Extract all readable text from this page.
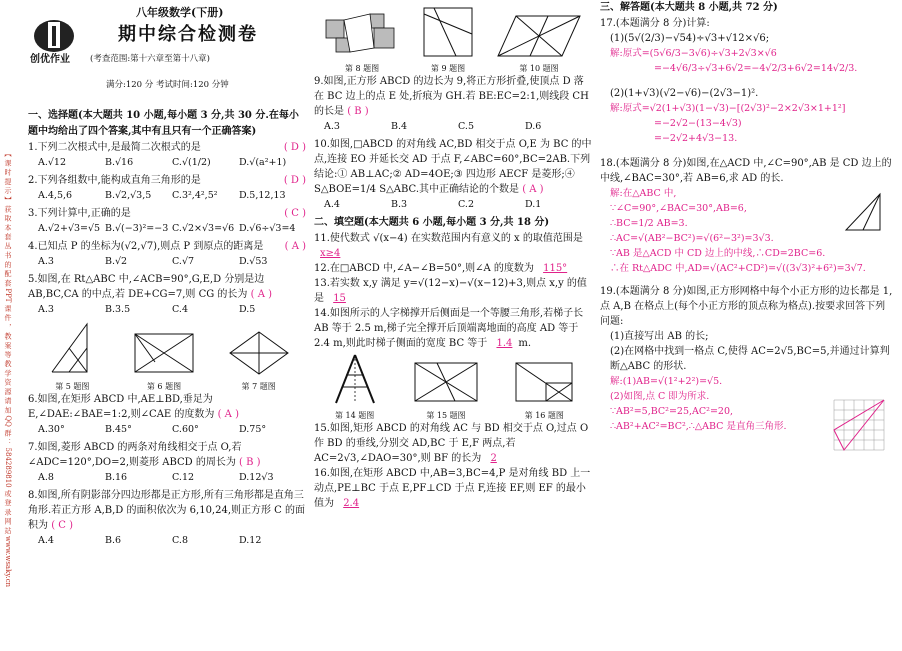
【 课 时 提 示 】 获 取 本 套 丛 书 的 配 套 PPT 课 件 ， 教 案 等 教 学 资 源 请 加 QQ 群 ： 584289810 或 登 录 网 站 www.wsaky.cn
创优作业
八年级数学(下册)
期中综合检测卷
(考查范围:第十六章至第十八章)
满分:120 分 考试时间:120 分钟

一、选择题(本大题共 10 小题,每小题 3 分,共 30 分.在每小题中均给出了四个答案,其中有且只有一个正确答案)

1.下列二次根式中,是最简二次根式的是	( D )
A.√12	B.√16	C.√(1/2)	D.√(a²+1)
2.下列各组数中,能构成直角三角形的是	( D )
A.4,5,6	B.√2,√3,5	C.3²,4²,5²	D.5,12,13
3.下列计算中,正确的是	( C )
A.√2+√3=√5 B.√(−3)²=−3 C.√2×√3=√6 D.√6÷√3=4
4.已知点 P 的坐标为(√2,√7),则点 P 到原点的距离是 ( A )
A.3	B.√2	C.√7	D.√53

5.如图,在 Rt△ABC 中,∠ACB=90°,G,E,D 分别是边 AB,BC,CA 的中点,若 DE+CG=7,则 CG 的长为 ( A )

A.3	B.3.5	C.4	D.5
第 5 题图	第 6 题图	第 7 题图

6.如图,在矩形 ABCD 中,AE⊥BD,垂足为 E,∠DAE:∠BAE=1:2,则∠CAE 的度数为 ( A )

A.30°	B.45°	C.60°	D.75°

7.如图,菱形 ABCD 的两条对角线相交于点 O,若∠ADC=120°,DO=2,则菱形 ABCD 的周长为 ( B )

A.8	B.16	C.12	D.12√3

8.如图,所有阴影部分四边形都是正方形,所有三角形都是直角三角形.若正方形 A,B,D 的面积依次为 6,10,24,则正方形 C 的面积为 ( C )

A.4	B.6	C.8	D.12
第 8 题图	第 9 题图	第 10 题图

9.如图,正方形 ABCD 的边长为 9,将正方形折叠,使顶点 D 落在 BC 边上的点 E 处,折痕为 GH.若 BE:EC=2:1,则线段 CH 的长是 ( B )

A.3	B.4	C.5	D.6

10.如图,□ABCD 的对角线 AC,BD 相交于点 O,E 为 BC 的中点,连接 EO 并延长交 AD 于点 F,∠ABC=60°,BC=2AB.下列结论:① AB⊥AC;② AD=4OE;③ 四边形 AECF 是菱形;④ S△BOE=1/4 S△ABC.其中正确结论的个数是 ( A )

A.4	B.3	C.2	D.1

二、填空题(本大题共 6 小题,每小题 3 分,共 18 分)

11.使代数式 √(x−4) 在实数范围内有意义的 x 的取值范围是 x≥4

12.在□ABCD 中,∠A−∠B=50°,则∠A 的度数为 115°

13.若实数 x,y 满足 y=√(12−x)−√(x−12)+3,则点 x,y 的值是 15

14.如图所示的人字梯撑开后侧面是一个等腰三角形,若梯子长 AB 等于 2.5 m,梯子完全撑开后顶端离地面的高度 AD 等于 2.4 m,则此时梯子侧面的宽度 BC 等于 1.4 m.

第 14 题图	第 15 题图	第 16 题图

15.如图,矩形 ABCD 的对角线 AC 与 BD 相交于点 O,过点 O 作 BD 的垂线,分别交 AD,BC 于 E,F 两点,若 AC=2√3,∠DAO=30°,则 BF 的长为 2

16.如图,在矩形 ABCD 中,AB=3,BC=4,P 是对角线 BD 上一动点,PE⊥BC 于点 E,PF⊥CD 于点 F,连接 EF,则 EF 的最小值为 2.4

三、解答题(本大题共 8 小题,共 72 分)

17.(本题满分 8 分)计算:

(1)(5√(2/3)−√54)÷√3+√12×√6;

解:原式=(5√6/3−3√6)÷√3+2√3×√6
=−4√6/3÷√3+6√2=−4√2/3+6√2=14√2/3.

(2)(1+√3)(√2−√6)−(2√3−1)².

解:原式=√2(1+√3)(1−√3)−[(2√3)²−2×2√3×1+1²]
=−2√2−(13−4√3)
=−2√2+4√3−13.

18.(本题满分 8 分)如图,在△ACD 中,∠C=90°,AB 是 CD 边上的中线,∠BAC=30°,若 AB=6,求 AD 的长.

解:在△ABC 中,
∵∠C=90°,∠BAC=30°,AB=6,
∴BC=1/2 AB=3.
∴AC=√(AB²−BC²)=√(6²−3²)=3√3.
∵AB 是△ACD 中 CD 边上的中线,∴CD=2BC=6.
∴在 Rt△ADC 中,AD=√(AC²+CD²)=√((3√3)²+6²)=3√7.

19.(本题满分 8 分)如图,正方形网格中每个小正方形的边长都是 1,点 A,B 在格点上(每个小正方形的顶点称为格点).按要求回答下列问题:

(1)直接写出 AB 的长;

(2)在网格中找到一格点 C,使得 AC=2√5,BC=5,并通过计算判断△ABC 的形状.

解:(1)AB=√(1²+2²)=√5.
(2)如图,点 C 即为所求.
∵AB²=5,BC²=25,AC²=20,
∴AB²+AC²=BC²,∴△ABC 是直角三角形.
